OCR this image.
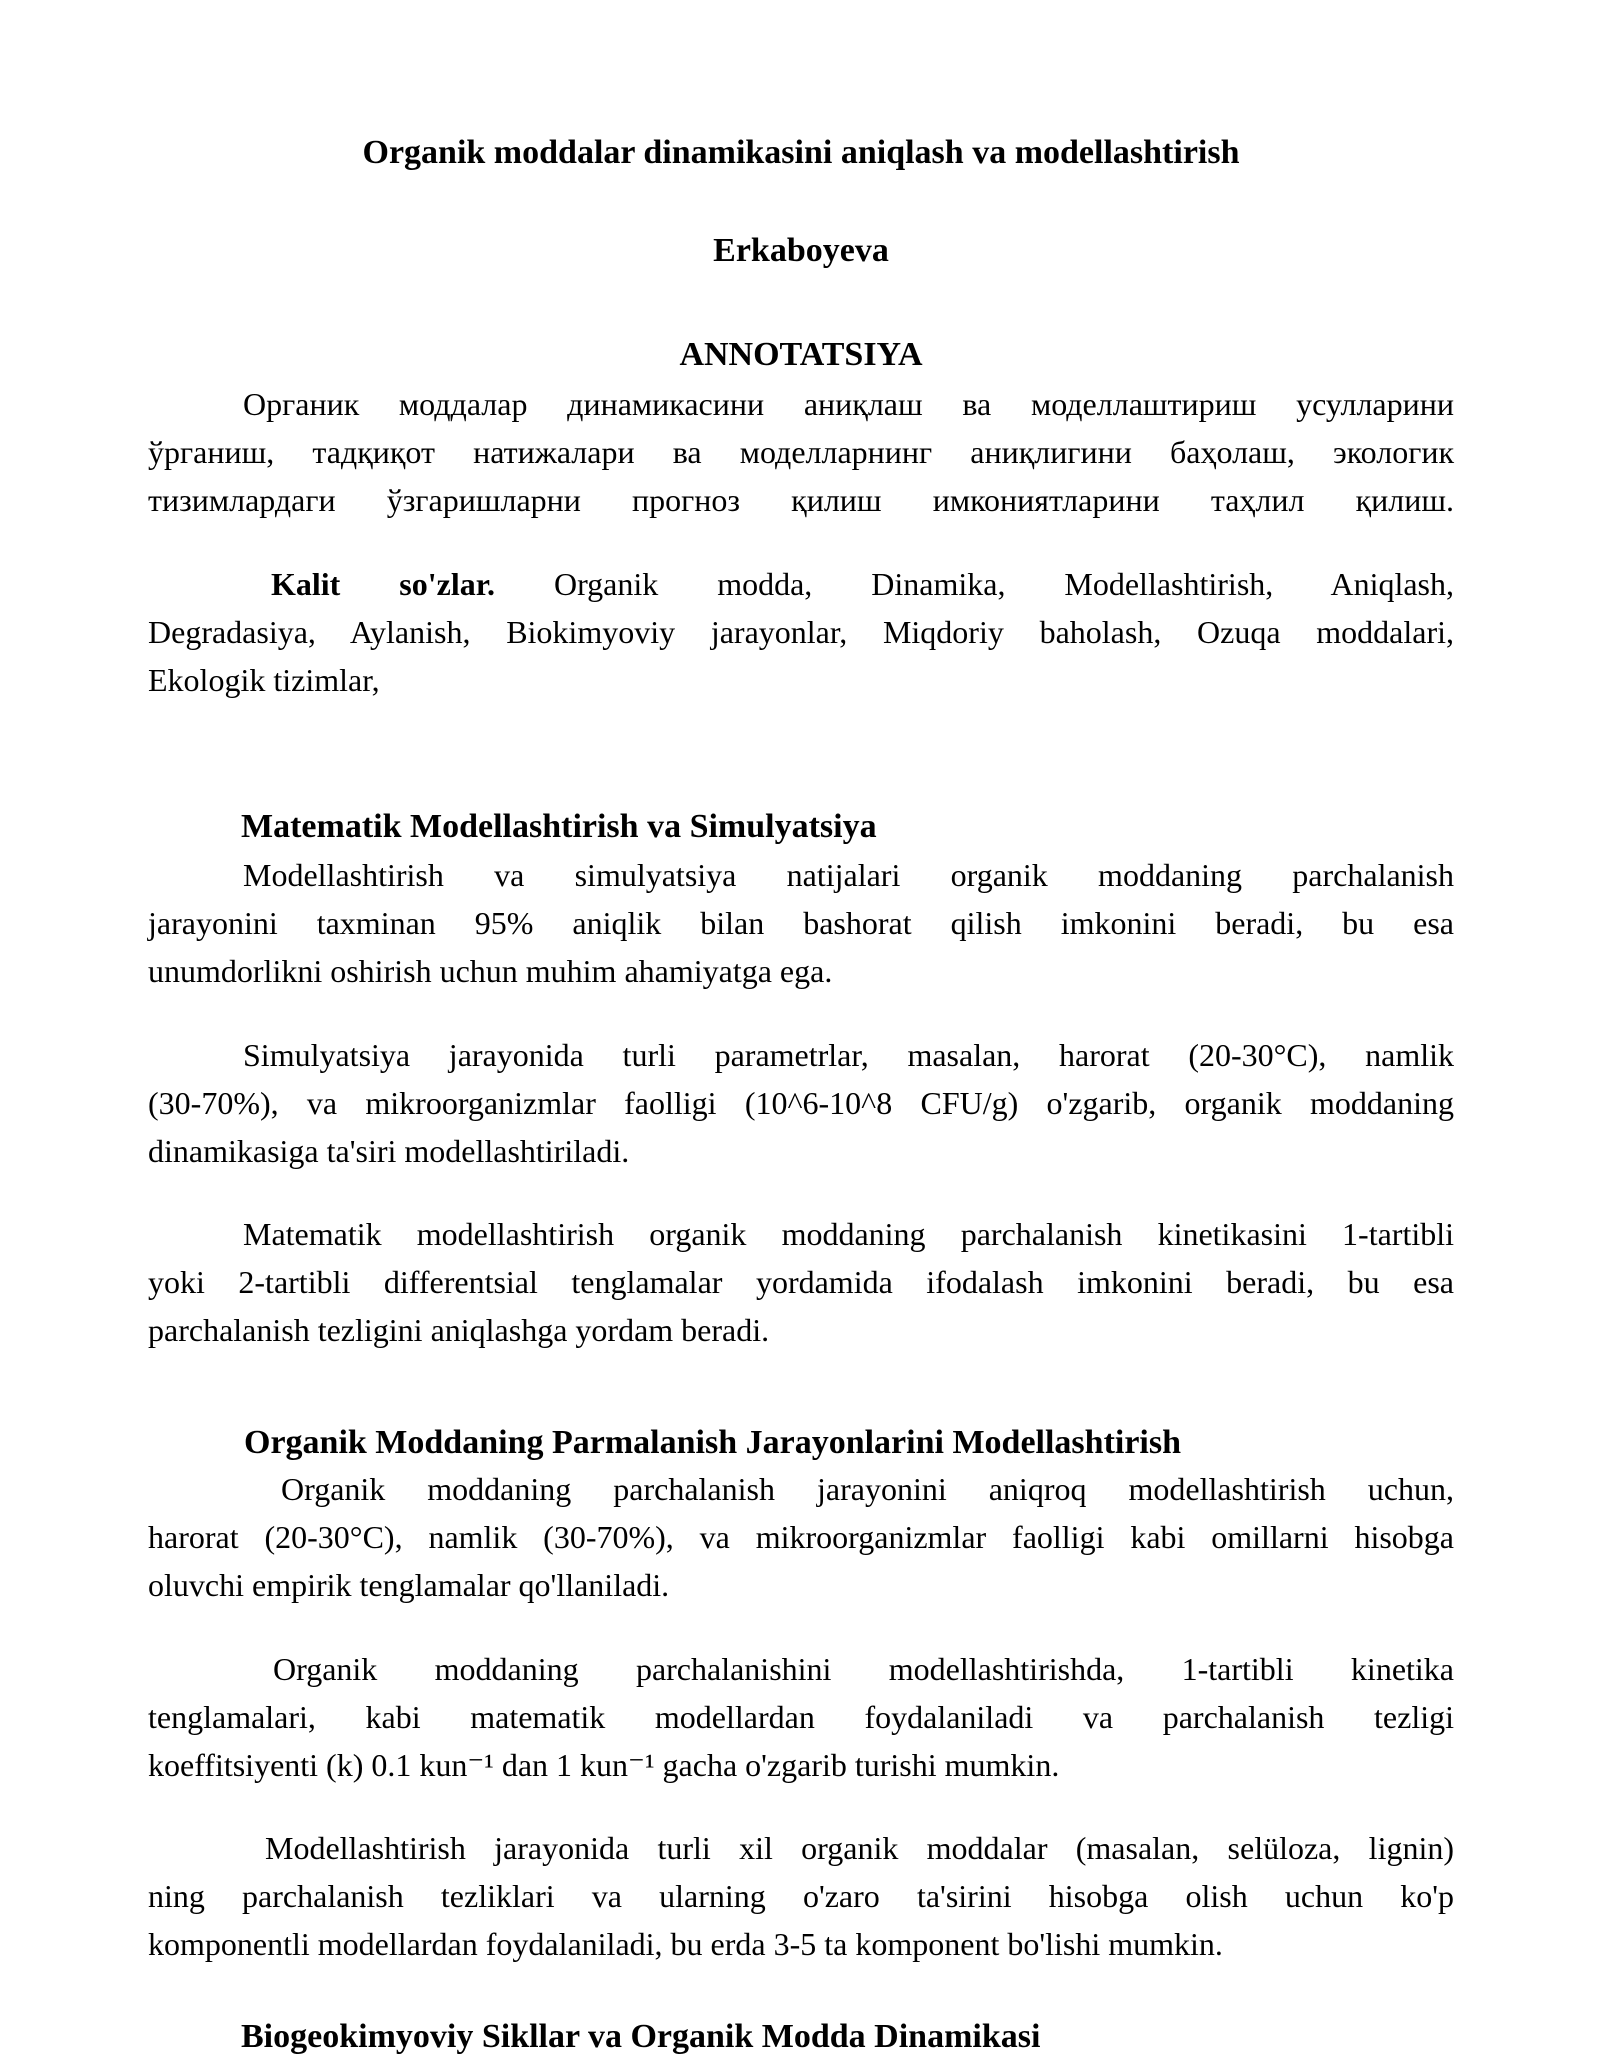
Organik moddalar dinamikasini aniqlash va modellashtirish
Erkaboyeva
ANNOTATSIYA
Органик моддалар динамикасини аниқлаш ва моделлаштириш усулларини
ўрганиш, тадқиқот натижалари ва моделларнинг аниқлигини баҳолаш, экологик
тизимлардаги ўзгаришларни прогноз қилиш имкониятларини таҳлил қилиш.
Kalit so'zlar. Organik modda, Dinamika, Modellashtirish, Aniqlash,
Degradasiya, Aylanish, Biokimyoviy jarayonlar, Miqdoriy baholash, Ozuqa moddalari,
Ekologik tizimlar,
Matematik Modellashtirish va Simulyatsiya
Modellashtirish va simulyatsiya natijalari organik moddaning parchalanish
jarayonini taxminan 95% aniqlik bilan bashorat qilish imkonini beradi, bu esa
unumdorlikni oshirish uchun muhim ahamiyatga ega.
Simulyatsiya jarayonida turli parametrlar, masalan, harorat (20-30°C), namlik
(30-70%), va mikroorganizmlar faolligi (10^6-10^8 CFU/g) o'zgarib, organik moddaning
dinamikasiga ta'siri modellashtiriladi.
Matematik modellashtirish organik moddaning parchalanish kinetikasini 1-tartibli
yoki 2-tartibli differentsial tenglamalar yordamida ifodalash imkonini beradi, bu esa
parchalanish tezligini aniqlashga yordam beradi.
Organik Moddaning Parmalanish Jarayonlarini Modellashtirish
Organik moddaning parchalanish jarayonini aniqroq modellashtirish uchun,
harorat (20-30°C), namlik (30-70%), va mikroorganizmlar faolligi kabi omillarni hisobga
oluvchi empirik tenglamalar qo'llaniladi.
Organik moddaning parchalanishini modellashtirishda, 1-tartibli kinetika
tenglamalari, kabi matematik modellardan foydalaniladi va parchalanish tezligi
koeffitsiyenti (k) 0.1 kun⁻¹ dan 1 kun⁻¹ gacha o'zgarib turishi mumkin.
Modellashtirish jarayonida turli xil organik moddalar (masalan, selüloza, lignin)
ning parchalanish tezliklari va ularning o'zaro ta'sirini hisobga olish uchun ko'p
komponentli modellardan foydalaniladi, bu erda 3-5 ta komponent bo'lishi mumkin.
Biogeokimyoviy Sikllar va Organik Modda Dinamikasi
